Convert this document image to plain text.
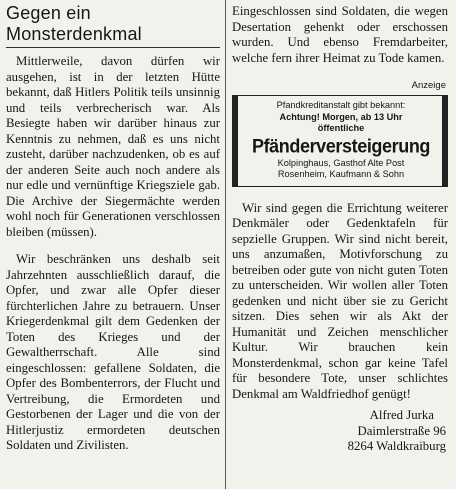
Gegen ein Monsterdenkmal

Mittlerweile, davon dürfen wir ausgehen, ist in der letzten Hütte bekannt, daß Hitlers Politik teils unsinnig und teils verbrecherisch war. Als Besiegte haben wir darüber hinaus zur Kenntnis zu nehmen, daß es uns nicht zusteht, darüber nachzudenken, ob es auf der anderen Seite auch noch andere als nur edle und vernünftige Kriegsziele gab. Die Archive der Siegermächte werden wohl noch für Generationen verschlossen bleiben (müssen).

Wir beschränken uns deshalb seit Jahrzehnten ausschließlich darauf, die Opfer, und zwar alle Opfer dieser fürchterlichen Jahre zu betrauern. Unser Kriegerdenkmal gilt dem Gedenken der Toten des Krieges und der Gewaltherrschaft. Alle sind eingeschlossen: gefallene Soldaten, die Opfer des Bombenterrors, der Flucht und Vertreibung, die Ermordeten und Gestorbenen der Lager und die von der Hitlerjustiz ermordeten deutschen Soldaten und Zivilisten.

Eingeschlossen sind Soldaten, die wegen Desertation gehenkt oder erschossen wurden. Und ebenso Fremdarbeiter, welche fern ihrer Heimat zu Tode kamen.

Anzeige
Pfandkreditanstalt gibt bekannt:
Achtung! Morgen, ab 13 Uhr
öffentliche
Pfänderversteigerung
Kolpinghaus, Gasthof Alte Post
Rosenheim, Kaufmann & Sohn

Wir sind gegen die Errichtung weiterer Denkmäler oder Gedenktafeln für sepzielle Gruppen. Wir sind nicht bereit, uns anzumaßen, Motivforschung zu betreiben oder gute von nicht guten Toten zu unterscheiden. Wir wollen aller Toten gedenken und nicht über sie zu Gericht sitzen. Dies sehen wir als Akt der Humanität und Zeichen menschlicher Kultur. Wir brauchen kein Monsterdenkmal, schon gar keine Tafel für besondere Tote, unser schlichtes Denkmal am Waldfriedhof genügt!

Alfred Jurka

Daimlerstraße 96

8264 Waldkraiburg
